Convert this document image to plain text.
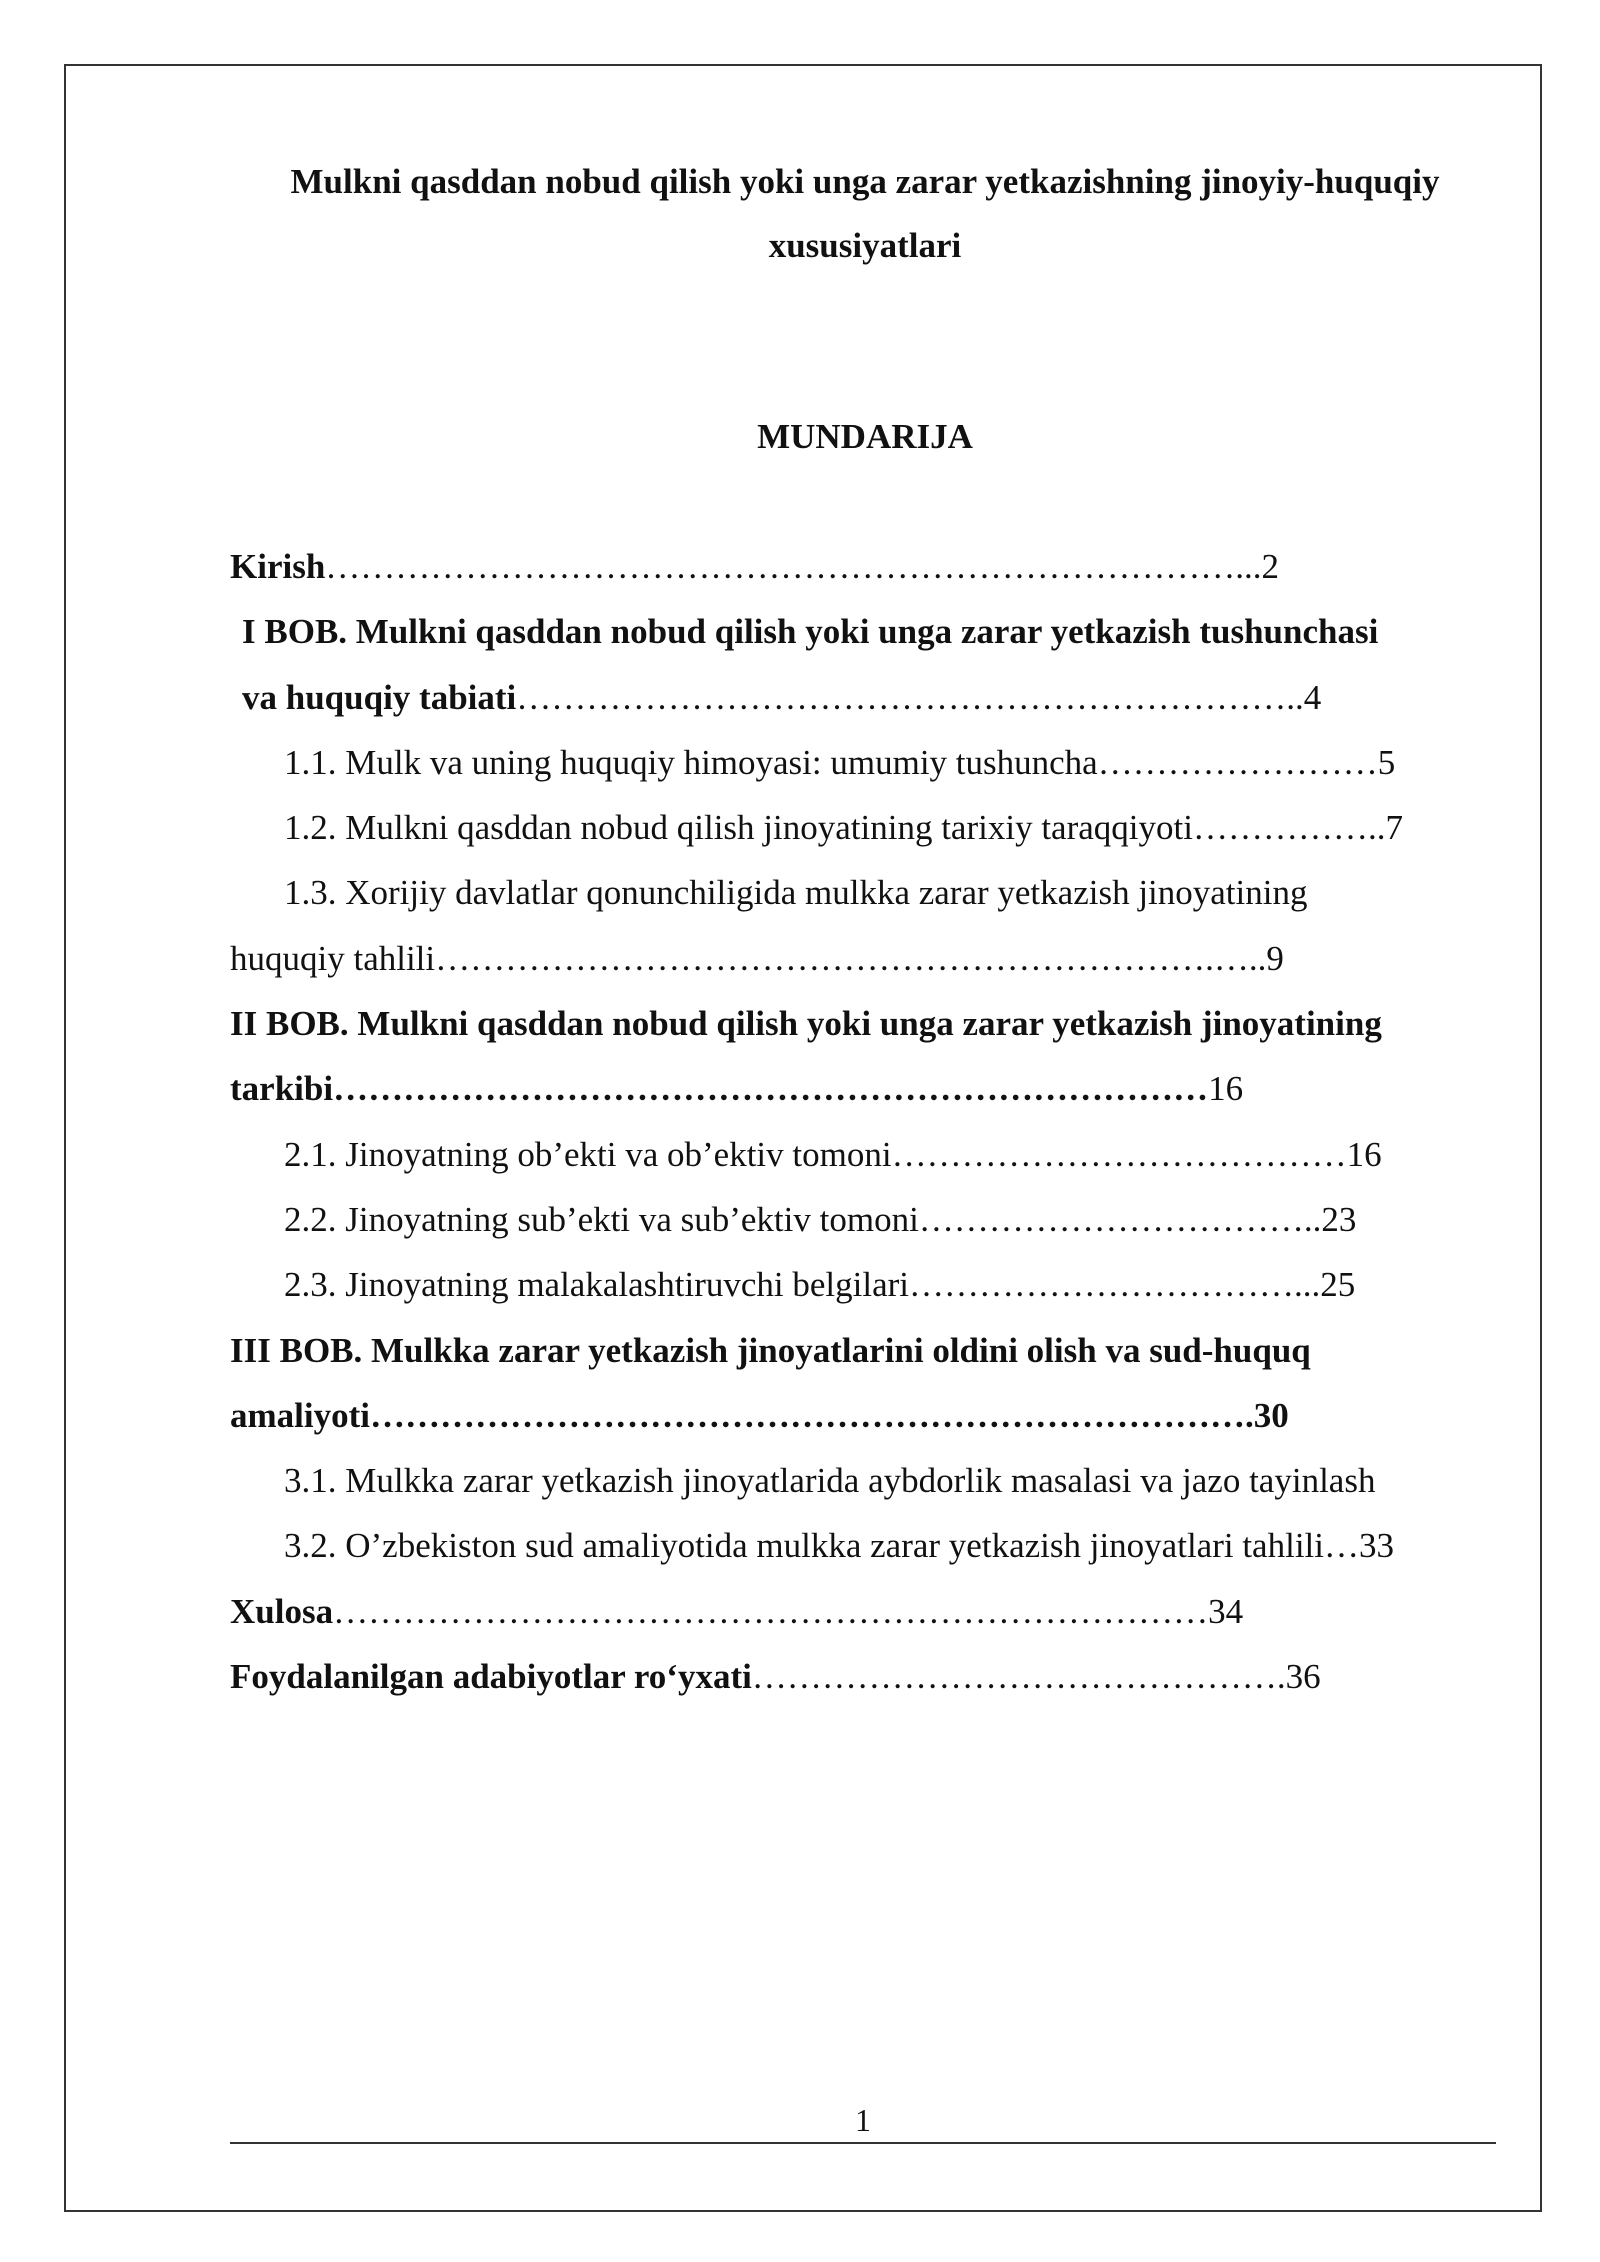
Mulkni qasddan nobud qilish yoki unga zarar yetkazishning jinoyiy-huquqiy
xususiyatlari
MUNDARIJA
Kirish……………………………………………………………………...2
I BOB. Mulkni qasddan nobud qilish yoki unga zarar yetkazish tushunchasi
va huquqiy tabiati…………………………………………………………..4
1.1. Mulk va uning huquqiy himoyasi: umumiy tushuncha……………………5
1.2. Mulkni qasddan nobud qilish jinoyatining tarixiy taraqqiyoti……………..7
1.3. Xorijiy davlatlar qonunchiligida mulkka zarar yetkazish jinoyatining
huquqiy tahlili………………………………………………………….…..9
II BOB. Mulkni qasddan nobud qilish yoki unga zarar yetkazish jinoyatining
tarkibi…………………………………………………………………16
2.1. Jinoyatning ob’ekti va ob’ektiv tomoni…………………………………16
2.2. Jinoyatning sub’ekti va sub’ektiv tomoni……………………………..23
2.3. Jinoyatning malakalashtiruvchi belgilari……………………………...25
III BOB. Mulkka zarar yetkazish jinoyatlarini oldini olish va sud-huquq
amaliyoti………………………………………………………………….30
3.1. Mulkka zarar yetkazish jinoyatlarida aybdorlik masalasi va jazo tayinlash
3.2. O’zbekiston sud amaliyotida mulkka zarar yetkazish jinoyatlari tahlili…33
Xulosa…………………………………………………………………34
Foydalanilgan adabiyotlar ro‘yxati……………………………………….36
1
